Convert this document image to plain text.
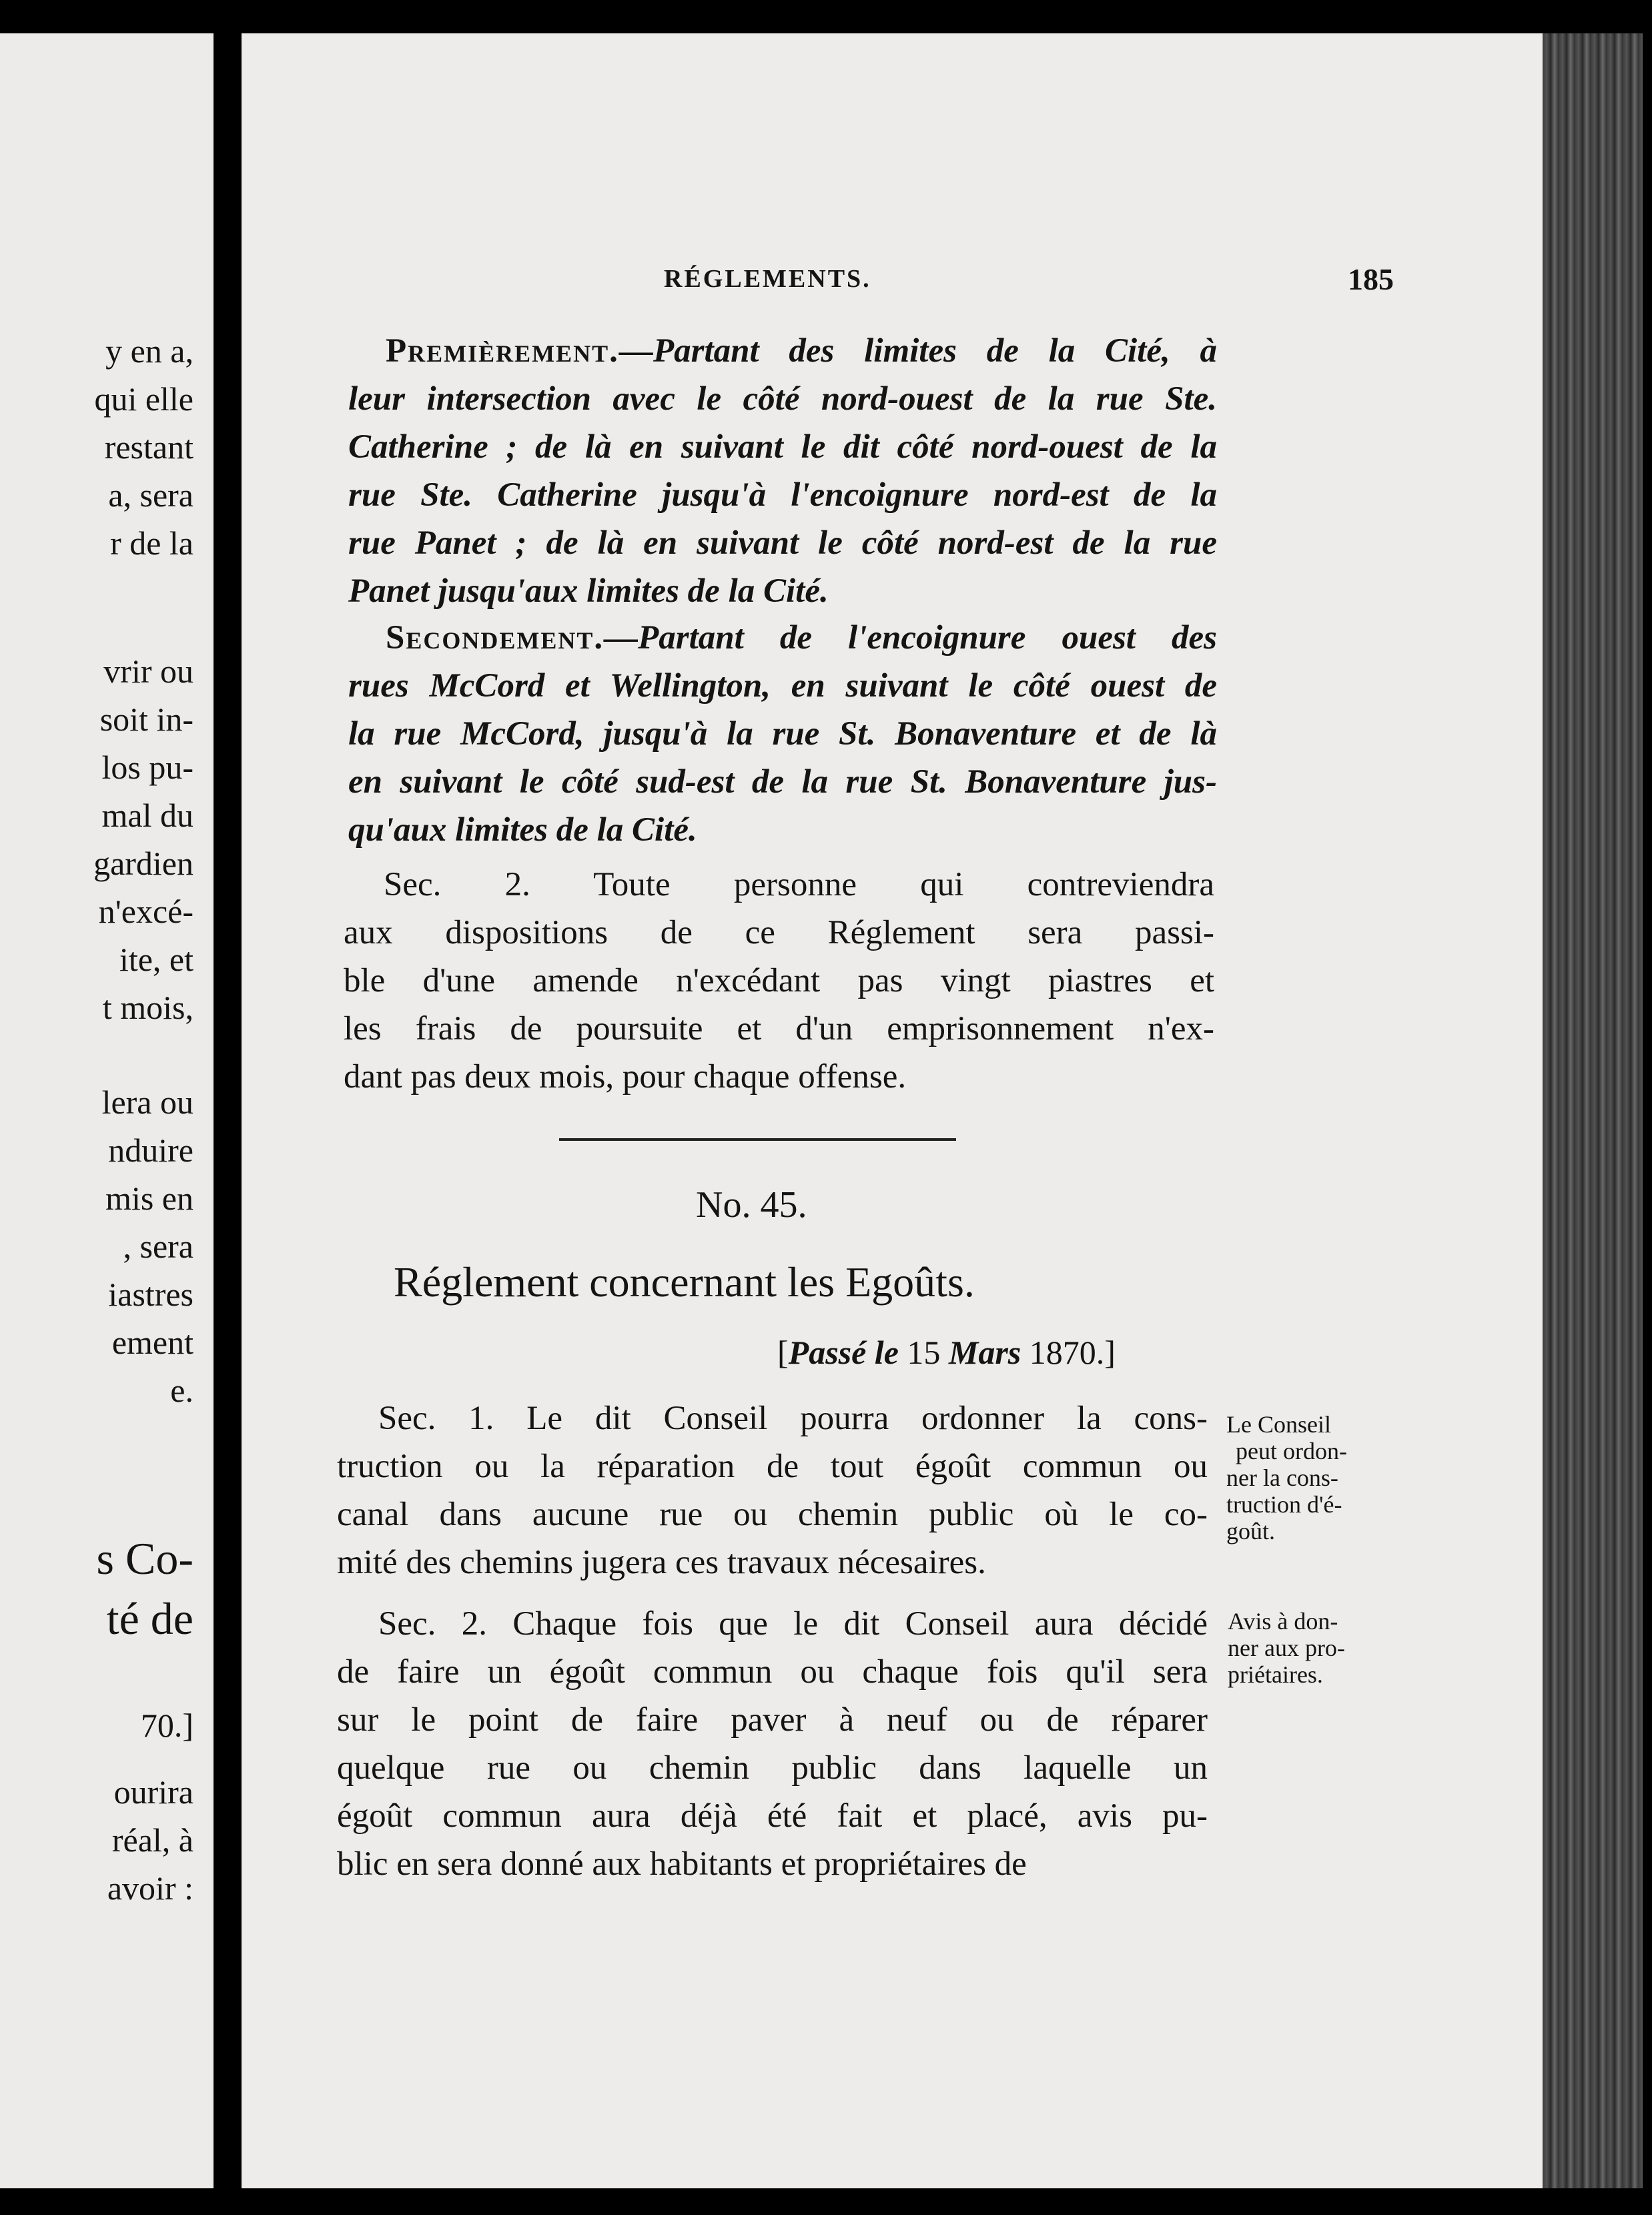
y en a,
qui elle
restant
a, sera
r de la
vrir ou
soit in-
los pu-
mal du
gardien
n'excé-
ite, et
t mois,
lera ou
nduire
mis en
, sera
iastres
ement
e.
s Co-
té de
70.]
ourira
réal, à
avoir :
RÉGLEMENTS.	185
Premièrement.—Partant des limites de la Cité, à
leur intersection avec le côté nord-ouest de la rue Ste.
Catherine ; de là en suivant le dit côté nord-ouest de la
rue Ste. Catherine jusqu'à l'encoignure nord-est de la
rue Panet ; de là en suivant le côté nord-est de la rue
Panet jusqu'aux limites de la Cité.
Secondement.—Partant de l'encoignure ouest des
rues McCord et Wellington, en suivant le côté ouest de
la rue McCord, jusqu'à la rue St. Bonaventure et de là
en suivant le côté sud-est de la rue St. Bonaventure jus-
qu'aux limites de la Cité.
Sec. 2. Toute personne qui contreviendra
aux dispositions de ce Réglement sera passi-
ble d'une amende n'excédant pas vingt piastres et
les frais de poursuite et d'un emprisonnement n'ex-
dant pas deux mois, pour chaque offense.
No. 45.
Réglement concernant les Egoûts.
[Passé le 15 Mars 1870.]
Sec. 1. Le dit Conseil pourra ordonner la cons-
truction ou la réparation de tout égoût commun ou
canal dans aucune rue ou chemin public où le co-
mité des chemins jugera ces travaux nécesaires.
Le Conseil
peut ordon-
ner la cons-
truction d'é-
goût.
Sec. 2. Chaque fois que le dit Conseil aura décidé
de faire un égoût commun ou chaque fois qu'il sera
sur le point de faire paver à neuf ou de réparer
quelque rue ou chemin public dans laquelle un
égoût commun aura déjà été fait et placé, avis pu-
blic en sera donné aux habitants et propriétaires de
Avis à don-
ner aux pro-
priétaires.
